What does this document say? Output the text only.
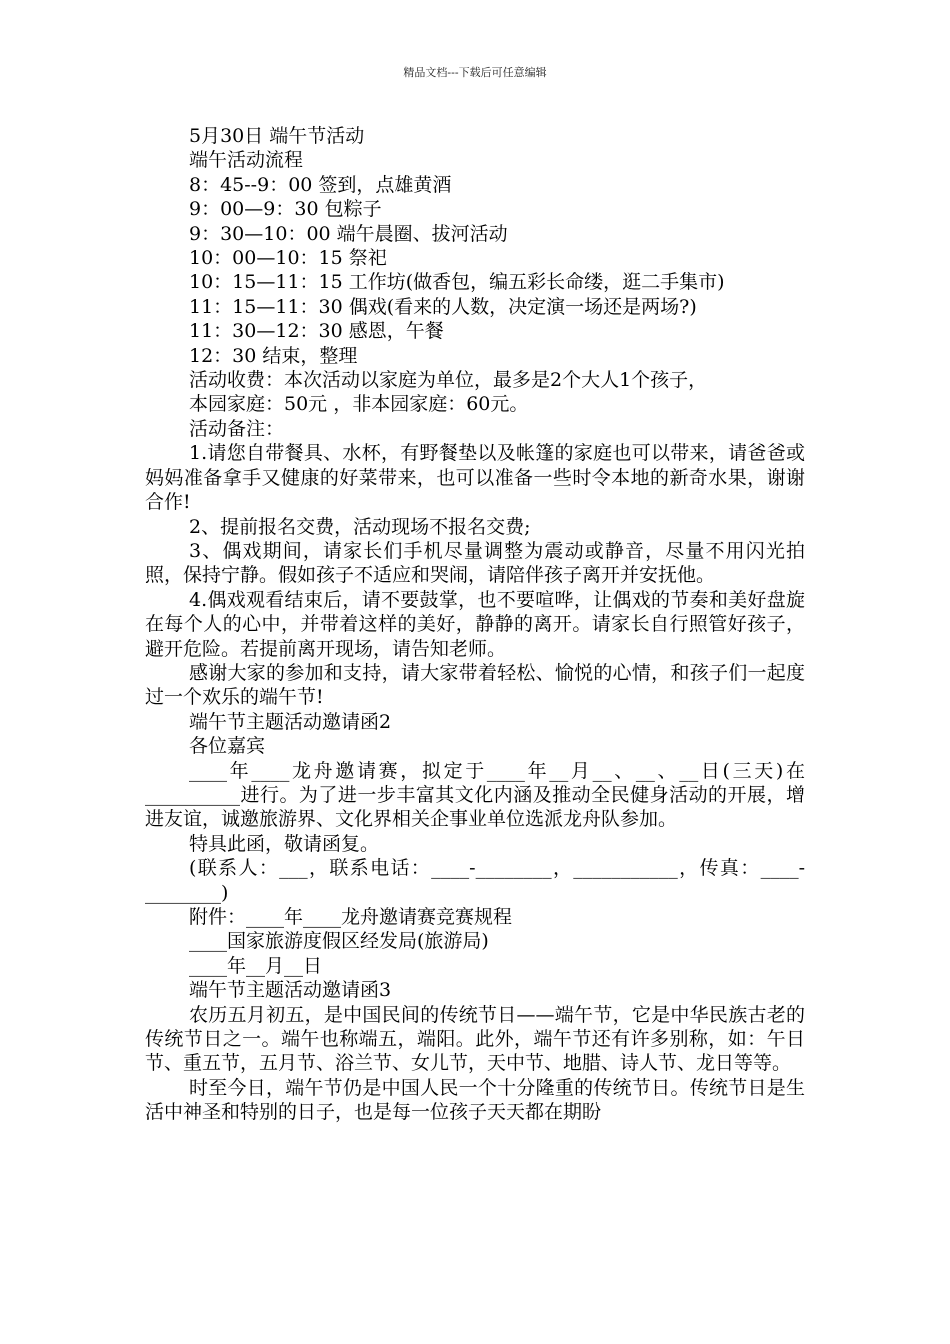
精品文档---下载后可任意编辑

5月30日 端午节活动

端午活动流程

8：45--9：00 签到，点雄黄酒

9：00—9：30 包粽子

9：30—10：00 端午晨圈、拔河活动

10：00—10：15 祭祀

10：15—11：15 工作坊(做香包，编五彩长命缕，逛二手集市)

11：15—11：30 偶戏(看来的人数，决定演一场还是两场?)

11：30—12：30 感恩，午餐

12：30 结束，整理

活动收费：本次活动以家庭为单位，最多是2个大人1个孩子，

本园家庭：50元 ，非本园家庭：60元。

活动备注：

1.请您自带餐具、水杯，有野餐垫以及帐篷的家庭也可以带来，请爸爸或妈妈准备拿手又健康的好菜带来，也可以准备一些时令本地的新奇水果，谢谢合作!

2、提前报名交费，活动现场不报名交费;

3、偶戏期间，请家长们手机尽量调整为震动或静音，尽量不用闪光拍照，保持宁静。假如孩子不适应和哭闹，请陪伴孩子离开并安抚他。

4.偶戏观看结束后，请不要鼓掌，也不要喧哗，让偶戏的节奏和美好盘旋在每个人的心中，并带着这样的美好，静静的离开。请家长自行照管好孩子，避开危险。若提前离开现场，请告知老师。

感谢大家的参加和支持，请大家带着轻松、愉悦的心情，和孩子们一起度过一个欢乐的端午节!

端午节主题活动邀请函2

各位嘉宾

____年____龙舟邀请赛，拟定于____年__月__、__、__日(三天)在__________进行。为了进一步丰富其文化内涵及推动全民健身活动的开展，增进友谊，诚邀旅游界、文化界相关企事业单位选派龙舟队参加。

特具此函，敬请函复。

(联系人：___，联系电话：____-________，___________，传真：____-________)

附件：____年____龙舟邀请赛竞赛规程

____国家旅游度假区经发局(旅游局)

____年__月__日

端午节主题活动邀请函3

农历五月初五，是中国民间的传统节日——端午节，它是中华民族古老的传统节日之一。端午也称端五，端阳。此外，端午节还有许多别称，如：午日节、重五节，五月节、浴兰节、女儿节，天中节、地腊、诗人节、龙日等等。

时至今日，端午节仍是中国人民一个十分隆重的传统节日。传统节日是生活中神圣和特别的日子，也是每一位孩子天天都在期盼
